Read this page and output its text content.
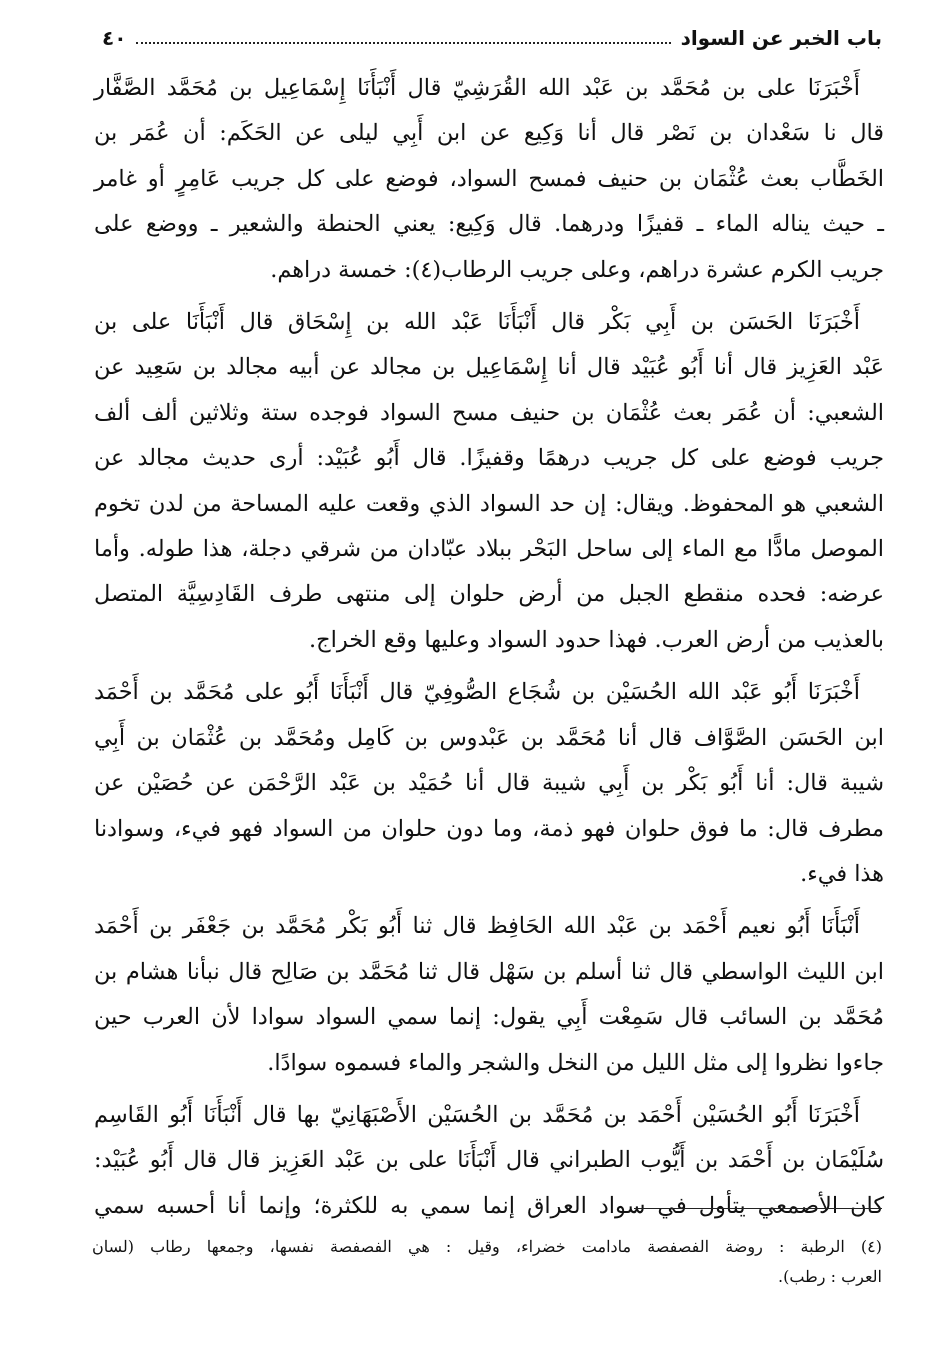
باب الخبر عن السواد
٤٠

أَخْبَرَنَا على بن مُحَمَّد بن عَبْد الله القُرَشِيّ قال أَنْبَأَنَا إِسْمَاعِيل بن مُحَمَّد الصَّفَّار
قال نا سَعْدان بن نَصْر قال أنا وَكِيع عن ابن أَبِي ليلى عن الحَكَم: أن عُمَر بن
الخَطَّاب بعث عُثْمَان بن حنيف فمسح السواد، فوضع على كل جريب عَامِرٍ أو غامر
ـ حيث يناله الماء ـ قفيزًا ودرهما. قال وَكِيع: يعني الحنطة والشعير ـ ووضع على
جريب الكرم عشرة دراهم، وعلى جريب الرطاب(٤): خمسة دراهم.

أَخْبَرَنَا الحَسَن بن أَبِي بَكْر قال أَنْبَأَنَا عَبْد الله بن إِسْحَاق قال أَنْبَأَنَا على بن
عَبْد العَزِيز قال أنا أَبُو عُبَيْد قال أنا إِسْمَاعِيل بن مجالد عن أبيه مجالد بن سَعِيد عن
الشعبي: أن عُمَر بعث عُثْمَان بن حنيف مسح السواد فوجده ستة وثلاثين ألف ألف
جريب فوضع على كل جريب درهمًا وقفيزًا. قال أَبُو عُبَيْد: أرى حديث مجالد عن
الشعبي هو المحفوظ. ويقال: إن حد السواد الذي وقعت عليه المساحة من لدن تخوم
الموصل مادًّا مع الماء إلى ساحل البَحْر ببلاد عبّادان من شرقي دجلة، هذا طوله. وأما
عرضه: فحده منقطع الجبل من أرض حلوان إلى منتهى طرف القَادِسِيَّة المتصل
بالعذيب من أرض العرب. فهذا حدود السواد وعليها وقع الخراج.

أَخْبَرَنَا أَبُو عَبْد الله الحُسَيْن بن شُجَاع الصُّوفِيّ قال أَنْبَأَنَا أَبُو على مُحَمَّد بن أَحْمَد
ابن الحَسَن الصَّوَّاف قال أنا مُحَمَّد بن عَبْدوس بن كَامِل ومُحَمَّد بن عُثْمَان بن أَبِي
شيبة قال: أنا أَبُو بَكْر بن أَبِي شيبة قال أنا حُمَيْد بن عَبْد الرَّحْمَن عن حُصَيْن عن
مطرف قال: ما فوق حلوان فهو ذمة، وما دون حلوان من السواد فهو فيء، وسوادنا
هذا فيء.

أَنْبَأَنَا أَبُو نعيم أَحْمَد بن عَبْد الله الحَافِظ قال ثنا أَبُو بَكْر مُحَمَّد بن جَعْفَر بن أَحْمَد
ابن الليث الواسطي قال ثنا أسلم بن سَهْل قال ثنا مُحَمَّد بن صَالِح قال نبأنا هشام بن
مُحَمَّد بن السائب قال سَمِعْت أَبِي يقول: إنما سمي السواد سوادا لأن العرب حين
جاءوا نظروا إلى مثل الليل من النخل والشجر والماء فسموه سوادًا.

أَخْبَرَنَا أَبُو الحُسَيْن أَحْمَد بن مُحَمَّد بن الحُسَيْن الأَصْبَهَانِيّ بها قال أَنْبَأَنَا أَبُو القَاسِم
سُلَيْمَان بن أَحْمَد بن أَيُّوب الطبراني قال أَنْبَأَنَا على بن عَبْد العَزِيز قال قال أَبُو عُبَيْد:
كان الأصمعي يتأول في سواد العراق إنما سمي به للكثرة؛ وإنما أنا أحسبه سمي

(٤) الرطبة : روضة الفصفصة مادامت خضراء، وقيل : هي الفصفصة نفسها، وجمعها رطاب (لسان
العرب : رطب).
